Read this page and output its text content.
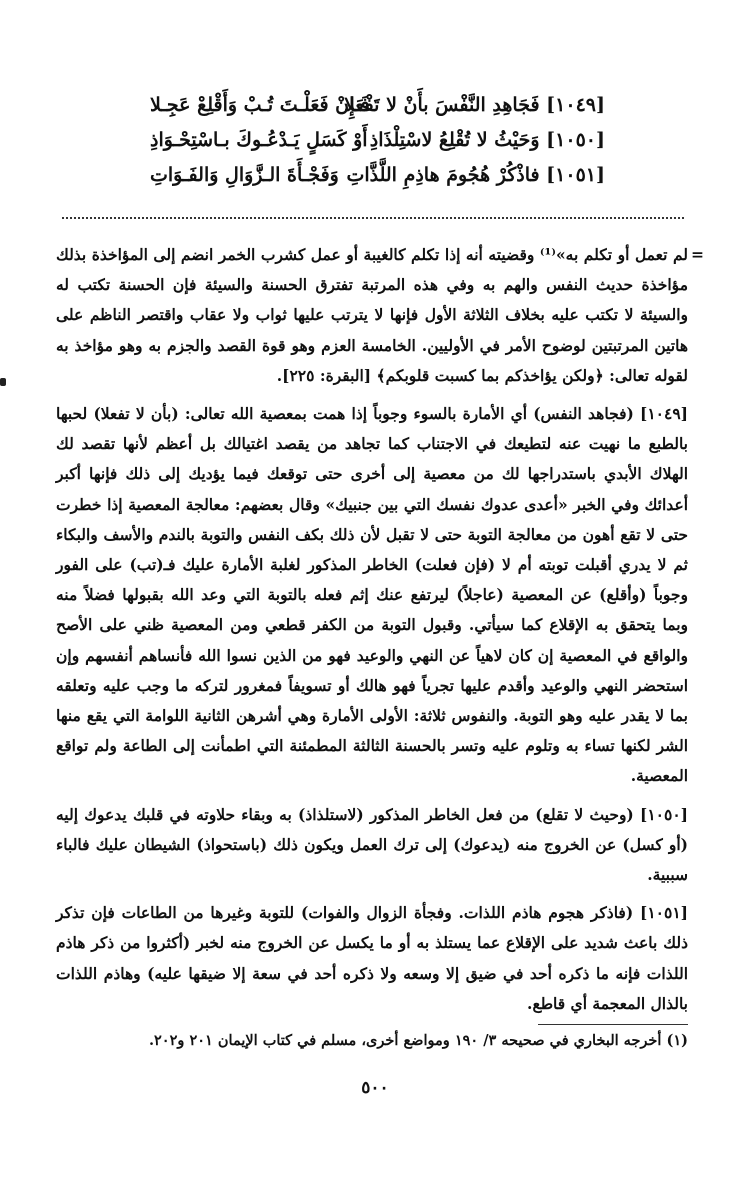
[١٠٤٩] فَجَاهِدِ النَّفْسَ بأَنْ لا تَفْعَلا
فَـإِنْ فَعَلْـتَ تُـبْ وَأَقْلِعْ عَجِـلا
[١٠٥٠] وَحَيْثُ لا تُقْلِعُ لاسْتِلْذَاذِ
أَوْ كَسَلٍ يَـدْعُـوكَ بـاسْتِحْـوَاذِ
[١٠٥١] فاذْكُرْ هُجُومَ هاذِمِ اللَّذَّاتِ
وَفَجْـأَةَ الـزَّوَالِ وَالفَـوَاتِ
=

لم تعمل أو تكلم به»⁽¹⁾ وقضيته أنه إذا تكلم كالغيبة أو عمل كشرب الخمر انضم إلى المؤاخذة بذلك مؤاخذة حديث النفس والهم به وفي هذه المرتبة تفترق الحسنة والسيئة فإن الحسنة تكتب له والسيئة لا تكتب عليه بخلاف الثلاثة الأول فإنها لا يترتب عليها ثواب ولا عقاب واقتصر الناظم على هاتين المرتبتين لوضوح الأمر في الأوليين. الخامسة العزم وهو قوة القصد والجزم به وهو مؤاخذ به لقوله تعالى: ﴿ولكن يؤاخذكم بما كسبت قلوبكم﴾ [البقرة: ٢٢٥].

[١٠٤٩] (فجاهد النفس) أي الأمارة بالسوء وجوباً إذا همت بمعصية الله تعالى: (بأن لا تفعلا) لحبها بالطبع ما نهيت عنه لتطيعك في الاجتناب كما تجاهد من يقصد اغتيالك بل أعظم لأنها تقصد لك الهلاك الأبدي باستدراجها لك من معصية إلى أخرى حتى توقعك فيما يؤديك إلى ذلك فإنها أكبر أعدائك وفي الخبر «أعدى عدوك نفسك التي بين جنبيك» وقال بعضهم: معالجة المعصية إذا خطرت حتى لا تقع أهون من معالجة التوبة حتى لا تقبل لأن ذلك بكف النفس والتوبة بالندم والأسف والبكاء ثم لا يدري أقبلت توبته أم لا (فإن فعلت) الخاطر المذكور لغلبة الأمارة عليك فـ(تب) على الفور وجوباً (وأقلع) عن المعصية (عاجلاً) ليرتفع عنك إثم فعله بالتوبة التي وعد الله بقبولها فضلاً منه وبما يتحقق به الإقلاع كما سيأتي. وقبول التوبة من الكفر قطعي ومن المعصية ظني على الأصح والواقع في المعصية إن كان لاهياً عن النهي والوعيد فهو من الذين نسوا الله فأنساهم أنفسهم وإن استحضر النهي والوعيد وأقدم عليها تجرياً فهو هالك أو تسويفاً فمغرور لتركه ما وجب عليه وتعلقه بما لا يقدر عليه وهو التوبة. والنفوس ثلاثة: الأولى الأمارة وهي أشرهن الثانية اللوامة التي يقع منها الشر لكنها تساء به وتلوم عليه وتسر بالحسنة الثالثة المطمئنة التي اطمأنت إلى الطاعة ولم تواقع المعصية.

[١٠٥٠] (وحيث لا تقلع) من فعل الخاطر المذكور (لاستلذاذ) به وبقاء حلاوته في قلبك يدعوك إليه (أو كسل) عن الخروج منه (يدعوك) إلى ترك العمل ويكون ذلك (باستحواذ) الشيطان عليك فالباء سببية.

[١٠٥١] (فاذكر هجوم هاذم اللذات. وفجأة الزوال والفوات) للتوبة وغيرها من الطاعات فإن تذكر ذلك باعث شديد على الإقلاع عما يستلذ به أو ما يكسل عن الخروج منه لخبر (أكثروا من ذكر هاذم اللذات فإنه ما ذكره أحد في ضيق إلا وسعه ولا ذكره أحد في سعة إلا ضيقها عليه) وهاذم اللذات بالذال المعجمة أي قاطع.

(١) أخرجه البخاري في صحيحه ٣/ ١٩٠ ومواضع أخرى، مسلم في كتاب الإيمان ٢٠١ و٢٠٢.
٥٠٠
